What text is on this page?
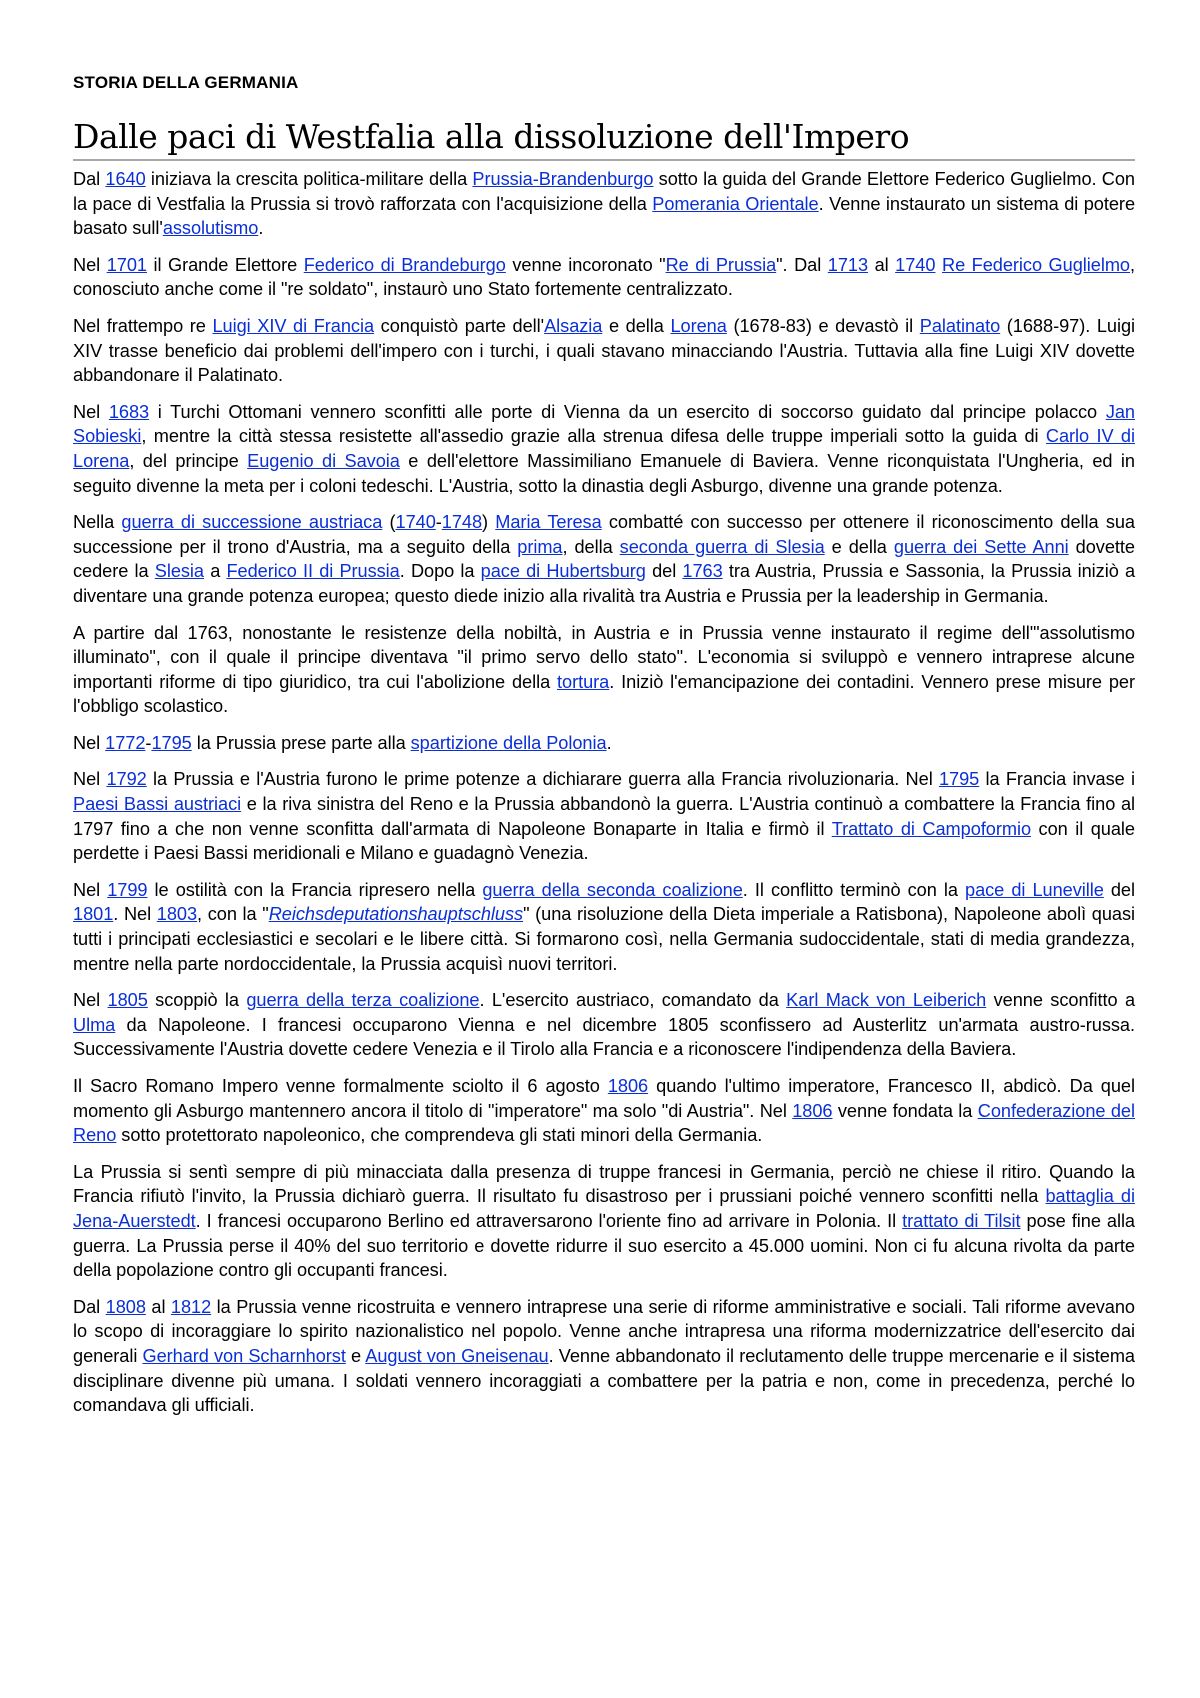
STORIA DELLA GERMANIA
Dalle paci di Westfalia alla dissoluzione dell'Impero

Dal 1640 iniziava la crescita politica-militare della Prussia-Brandenburgo sotto la guida del Grande Elettore Federico Guglielmo. Con la pace di Vestfalia la Prussia si trovò rafforzata con l'acquisizione della Pomerania Orientale. Venne instaurato un sistema di potere basato sull'assolutismo.

Nel 1701 il Grande Elettore Federico di Brandeburgo venne incoronato "Re di Prussia". Dal 1713 al 1740 Re Federico Guglielmo, conosciuto anche come il "re soldato", instaurò uno Stato fortemente centralizzato.

Nel frattempo re Luigi XIV di Francia conquistò parte dell'Alsazia e della Lorena (1678-83) e devastò il Palatinato (1688-97). Luigi XIV trasse beneficio dai problemi dell'impero con i turchi, i quali stavano minacciando l'Austria. Tuttavia alla fine Luigi XIV dovette abbandonare il Palatinato.

Nel 1683 i Turchi Ottomani vennero sconfitti alle porte di Vienna da un esercito di soccorso guidato dal principe polacco Jan Sobieski, mentre la città stessa resistette all'assedio grazie alla strenua difesa delle truppe imperiali sotto la guida di Carlo IV di Lorena, del principe Eugenio di Savoia e dell'elettore Massimiliano Emanuele di Baviera. Venne riconquistata l'Ungheria, ed in seguito divenne la meta per i coloni tedeschi. L'Austria, sotto la dinastia degli Asburgo, divenne una grande potenza.

Nella guerra di successione austriaca (1740-1748) Maria Teresa combatté con successo per ottenere il riconoscimento della sua successione per il trono d'Austria, ma a seguito della prima, della seconda guerra di Slesia e della guerra dei Sette Anni dovette cedere la Slesia a Federico II di Prussia. Dopo la pace di Hubertsburg del 1763 tra Austria, Prussia e Sassonia, la Prussia iniziò a diventare una grande potenza europea; questo diede inizio alla rivalità tra Austria e Prussia per la leadership in Germania.

A partire dal 1763, nonostante le resistenze della nobiltà, in Austria e in Prussia venne instaurato il regime dell'"assolutismo illuminato", con il quale il principe diventava "il primo servo dello stato". L'economia si sviluppò e vennero intraprese alcune importanti riforme di tipo giuridico, tra cui l'abolizione della tortura. Iniziò l'emancipazione dei contadini. Vennero prese misure per l'obbligo scolastico.

Nel 1772-1795 la Prussia prese parte alla spartizione della Polonia.

Nel 1792 la Prussia e l'Austria furono le prime potenze a dichiarare guerra alla Francia rivoluzionaria. Nel 1795 la Francia invase i Paesi Bassi austriaci e la riva sinistra del Reno e la Prussia abbandonò la guerra. L'Austria continuò a combattere la Francia fino al 1797 fino a che non venne sconfitta dall'armata di Napoleone Bonaparte in Italia e firmò il Trattato di Campoformio con il quale perdette i Paesi Bassi meridionali e Milano e guadagnò Venezia.

Nel 1799 le ostilità con la Francia ripresero nella guerra della seconda coalizione. Il conflitto terminò con la pace di Luneville del 1801. Nel 1803, con la "Reichsdeputationshauptschluss" (una risoluzione della Dieta imperiale a Ratisbona), Napoleone abolì quasi tutti i principati ecclesiastici e secolari e le libere città. Si formarono così, nella Germania sudoccidentale, stati di media grandezza, mentre nella parte nordoccidentale, la Prussia acquisì nuovi territori.

Nel 1805 scoppiò la guerra della terza coalizione. L'esercito austriaco, comandato da Karl Mack von Leiberich venne sconfitto a Ulma da Napoleone. I francesi occuparono Vienna e nel dicembre 1805 sconfissero ad Austerlitz un'armata austro-russa. Successivamente l'Austria dovette cedere Venezia e il Tirolo alla Francia e a riconoscere l'indipendenza della Baviera.

Il Sacro Romano Impero venne formalmente sciolto il 6 agosto 1806 quando l'ultimo imperatore, Francesco II, abdicò. Da quel momento gli Asburgo mantennero ancora il titolo di "imperatore" ma solo "di Austria". Nel 1806 venne fondata la Confederazione del Reno sotto protettorato napoleonico, che comprendeva gli stati minori della Germania.

La Prussia si sentì sempre di più minacciata dalla presenza di truppe francesi in Germania, perciò ne chiese il ritiro. Quando la Francia rifiutò l'invito, la Prussia dichiarò guerra. Il risultato fu disastroso per i prussiani poiché vennero sconfitti nella battaglia di Jena-Auerstedt. I francesi occuparono Berlino ed attraversarono l'oriente fino ad arrivare in Polonia. Il trattato di Tilsit pose fine alla guerra. La Prussia perse il 40% del suo territorio e dovette ridurre il suo esercito a 45.000 uomini. Non ci fu alcuna rivolta da parte della popolazione contro gli occupanti francesi.

Dal 1808 al 1812 la Prussia venne ricostruita e vennero intraprese una serie di riforme amministrative e sociali. Tali riforme avevano lo scopo di incoraggiare lo spirito nazionalistico nel popolo. Venne anche intrapresa una riforma modernizzatrice dell'esercito dai generali Gerhard von Scharnhorst e August von Gneisenau. Venne abbandonato il reclutamento delle truppe mercenarie e il sistema disciplinare divenne più umana. I soldati vennero incoraggiati a combattere per la patria e non, come in precedenza, perché lo comandava gli ufficiali.
